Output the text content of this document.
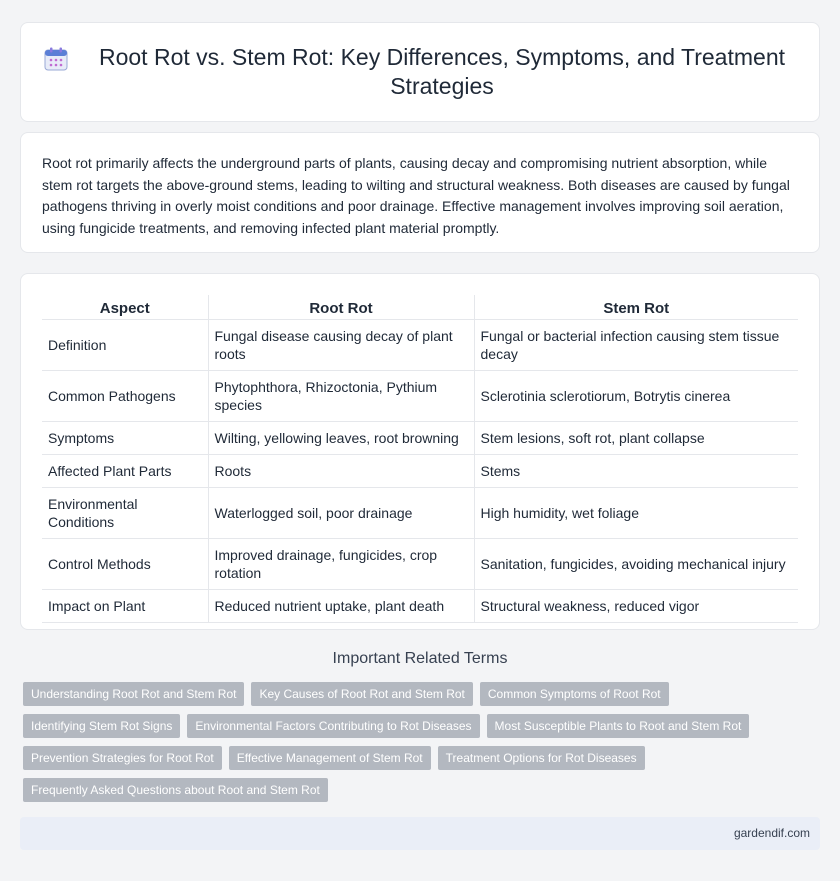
Root Rot vs. Stem Rot: Key Differences, Symptoms, and Treatment Strategies

Root rot primarily affects the underground parts of plants, causing decay and compromising nutrient absorption, while stem rot targets the above-ground stems, leading to wilting and structural weakness. Both diseases are caused by fungal pathogens thriving in overly moist conditions and poor drainage. Effective management involves improving soil aeration, using fungicide treatments, and removing infected plant material promptly.

Aspect	Root Rot	Stem Rot
Definition	Fungal disease causing decay of plant roots	Fungal or bacterial infection causing stem tissue decay
Common Pathogens	Phytophthora, Rhizoctonia, Pythium species	Sclerotinia sclerotiorum, Botrytis cinerea
Symptoms	Wilting, yellowing leaves, root browning	Stem lesions, soft rot, plant collapse
Affected Plant Parts	Roots	Stems
Environmental Conditions	Waterlogged soil, poor drainage	High humidity, wet foliage
Control Methods	Improved drainage, fungicides, crop rotation	Sanitation, fungicides, avoiding mechanical injury
Impact on Plant	Reduced nutrient uptake, plant death	Structural weakness, reduced vigor
Important Related Terms
Understanding Root Rot and Stem Rot	Key Causes of Root Rot and Stem Rot	Common Symptoms of Root Rot
Identifying Stem Rot Signs	Environmental Factors Contributing to Rot Diseases	Most Susceptible Plants to Root and Stem Rot
Prevention Strategies for Root Rot	Effective Management of Stem Rot	Treatment Options for Rot Diseases
Frequently Asked Questions about Root and Stem Rot
gardendif.com
